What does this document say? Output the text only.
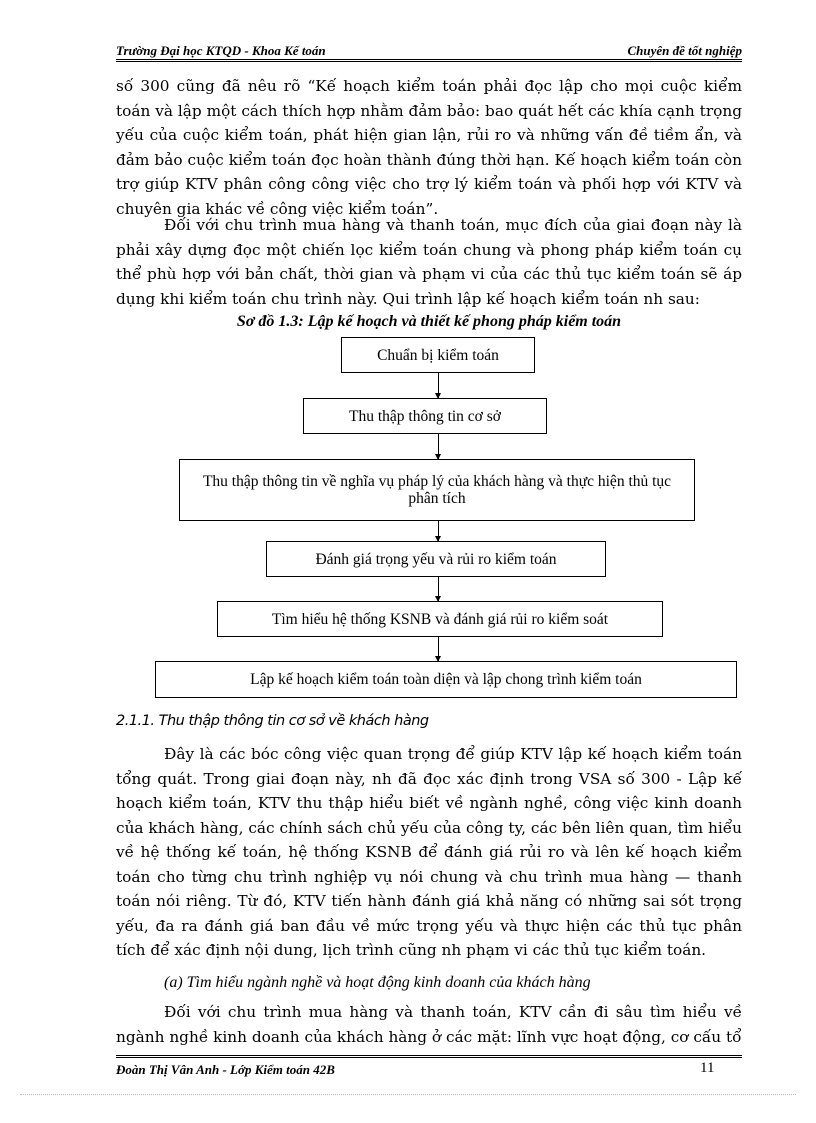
Trường Đại học KTQD - Khoa Kế toán	Chuyên đề tốt nghiệp

số 300 cũng đã nêu rõ “Kế hoạch kiểm toán phải đọc lập cho mọi cuộc kiểm toán và lập một cách thích hợp nhằm đảm bảo: bao quát hết các khía cạnh trọng yếu của cuộc kiểm toán, phát hiện gian lận, rủi ro và những vấn đề tiềm ẩn, và đảm bảo cuộc kiểm toán đọc hoàn thành đúng thời hạn. Kế hoạch kiểm toán còn trợ giúp KTV phân công công việc cho trợ lý kiểm toán và phối hợp với KTV và chuyên gia khác về công việc kiểm toán”.

Đối với chu trình mua hàng và thanh toán, mục đích của giai đoạn này là phải xây dựng đọc một chiến lọc kiểm toán chung và phong pháp kiểm toán cụ thể phù hợp với bản chất, thời gian và phạm vi của các thủ tục kiểm toán sẽ áp dụng khi kiểm toán chu trình này. Qui trình lập kế hoạch kiểm toán nh sau:

Sơ đồ 1.3: Lập kế hoạch và thiết kế phong pháp kiểm toán
Chuẩn bị kiểm toán
Thu thập thông tin cơ sở
Thu thập thông tin về nghĩa vụ pháp lý của khách hàng và thực hiện thủ tục phân tích
Đánh giá trọng yếu và rủi ro kiểm toán
Tìm hiểu hệ thống KSNB và đánh giá rủi ro kiểm soát
Lập kế hoạch kiểm toán toàn diện và lập chong trình kiểm toán
2.1.1. Thu thập thông tin cơ sở về khách hàng

Đây là các bóc công việc quan trọng để giúp KTV lập kế hoạch kiểm toán tổng quát. Trong giai đoạn này, nh đã đọc xác định trong VSA số 300 - Lập kế hoạch kiểm toán, KTV thu thập hiểu biết về ngành nghề, công việc kinh doanh của khách hàng, các chính sách chủ yếu của công ty, các bên liên quan, tìm hiểu về hệ thống kế toán, hệ thống KSNB để đánh giá rủi ro và lên kế hoạch kiểm toán cho từng chu trình nghiệp vụ nói chung và chu trình mua hàng — thanh toán nói riêng. Từ đó, KTV tiến hành đánh giá khả năng có những sai sót trọng yếu, đa ra đánh giá ban đầu về mức trọng yếu và thực hiện các thủ tục phân tích để xác định nội dung, lịch trình cũng nh phạm vi các thủ tục kiểm toán.

(a) Tìm hiểu ngành nghề và hoạt động kinh doanh của khách hàng

Đối với chu trình mua hàng và thanh toán, KTV cần đi sâu tìm hiểu về ngành nghề kinh doanh của khách hàng ở các mặt: lĩnh vực hoạt động, cơ cấu tổ

Đoàn Thị Vân Anh - Lớp Kiểm toán 42B	11
